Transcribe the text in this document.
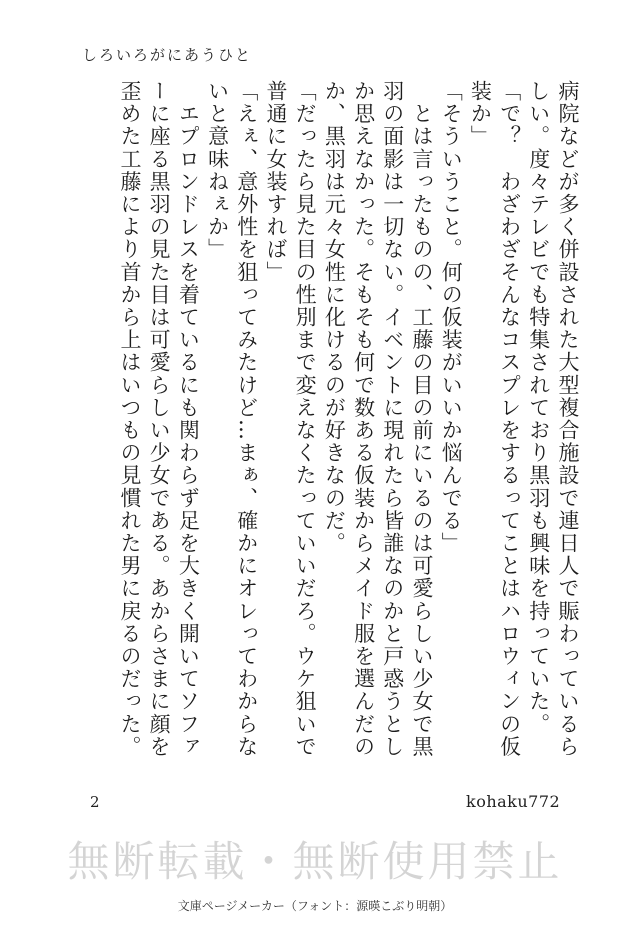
しろいろがにあうひと

病院などが多く併設された大型複合施設で連日人で賑わっているらしい。度々テレビでも特集されており黒羽も興味を持っていた。

「で？　わざわざそんなコスプレをするってことはハロウィンの仮装か」

「そういうこと。何の仮装がいいか悩んでる」

　とは言ったものの、工藤の目の前にいるのは可愛らしい少女で黒羽の面影は一切ない。イベントに現れたら皆誰なのかと戸惑うとしか思えなかった。そもそも何で数ある仮装からメイド服を選んだのか、黒羽は元々女性に化けるのが好きなのだ。

「だったら見た目の性別まで変えなくたっていいだろ。ウケ狙いで普通に女装すれば」

「えぇ、意外性を狙ってみたけど…まぁ、確かにオレってわからないと意味ねぇか」

　エプロンドレスを着ているにも関わらず足を大きく開いてソファーに座る黒羽の見た目は可愛らしい少女である。あからさまに顔を歪めた工藤により首から上はいつもの見慣れた男に戻るのだった。

2	kohaku772
無断転載・無断使用禁止
文庫ページメーカー（フォント：源暎こぶり明朝）
